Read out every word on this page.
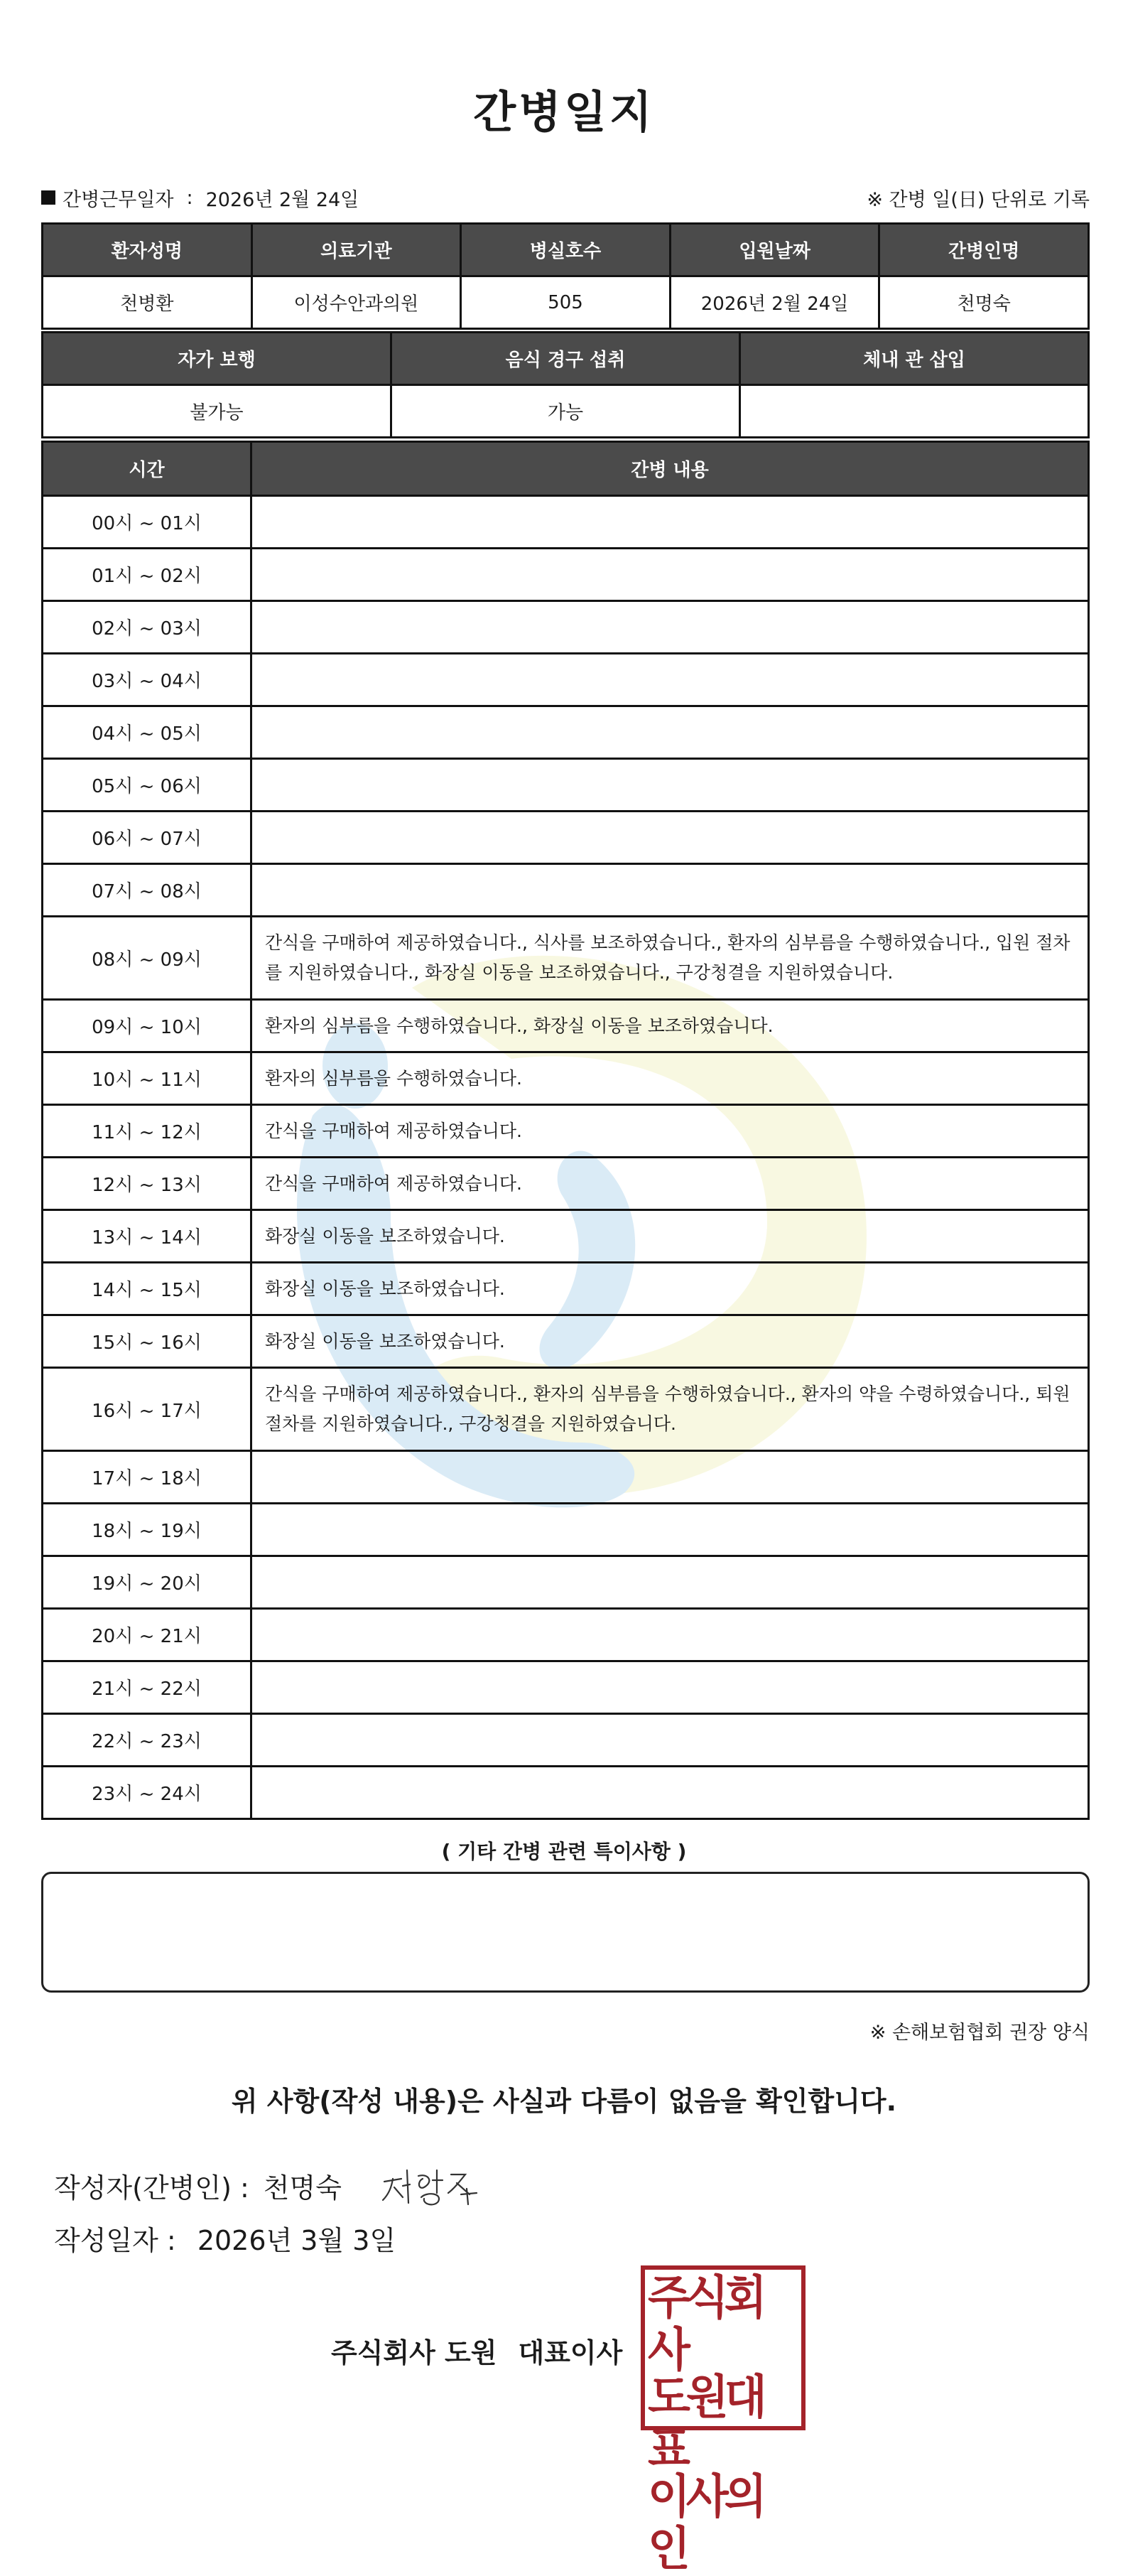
간병일지
간병근무일자 : 2026년 2월 24일	※ 간병 일(日) 단위로 기록
환자성명	의료기관	병실호수	입원날짜	간병인명
천병환	이성수안과의원	505	2026년 2월 24일	천명숙
자가 보행	음식 경구 섭취	체내 관 삽입
불가능	가능	
시간	간병 내용
00시 ~ 01시	
01시 ~ 02시	
02시 ~ 03시	
03시 ~ 04시	
04시 ~ 05시	
05시 ~ 06시	
06시 ~ 07시	
07시 ~ 08시	
08시 ~ 09시	간식을 구매하여 제공하였습니다., 식사를 보조하였습니다., 환자의 심부름을 수행하였습니다., 입원 절차를 지원하였습니다., 화장실 이동을 보조하였습니다., 구강청결을 지원하였습니다.
09시 ~ 10시	환자의 심부름을 수행하였습니다., 화장실 이동을 보조하였습니다.
10시 ~ 11시	환자의 심부름을 수행하였습니다.
11시 ~ 12시	간식을 구매하여 제공하였습니다.
12시 ~ 13시	간식을 구매하여 제공하였습니다.
13시 ~ 14시	화장실 이동을 보조하였습니다.
14시 ~ 15시	화장실 이동을 보조하였습니다.
15시 ~ 16시	화장실 이동을 보조하였습니다.
16시 ~ 17시	간식을 구매하여 제공하였습니다., 환자의 심부름을 수행하였습니다., 환자의 약을 수령하였습니다., 퇴원 절차를 지원하였습니다., 구강청결을 지원하였습니다.
17시 ~ 18시	
18시 ~ 19시	
19시 ~ 20시	
20시 ~ 21시	
21시 ~ 22시	
22시 ~ 23시	
23시 ~ 24시	
( 기타 간병 관련 특이사항 )
※ 손해보험협회 권장 양식
위 사항(작성 내용)은 사실과 다름이 없음을 확인합니다.
작성자(간병인) : 천명숙
작성일자 : 2026년 3월 3일
주식회사 도원 대표이사
주식회사
도원대표
이사의인
